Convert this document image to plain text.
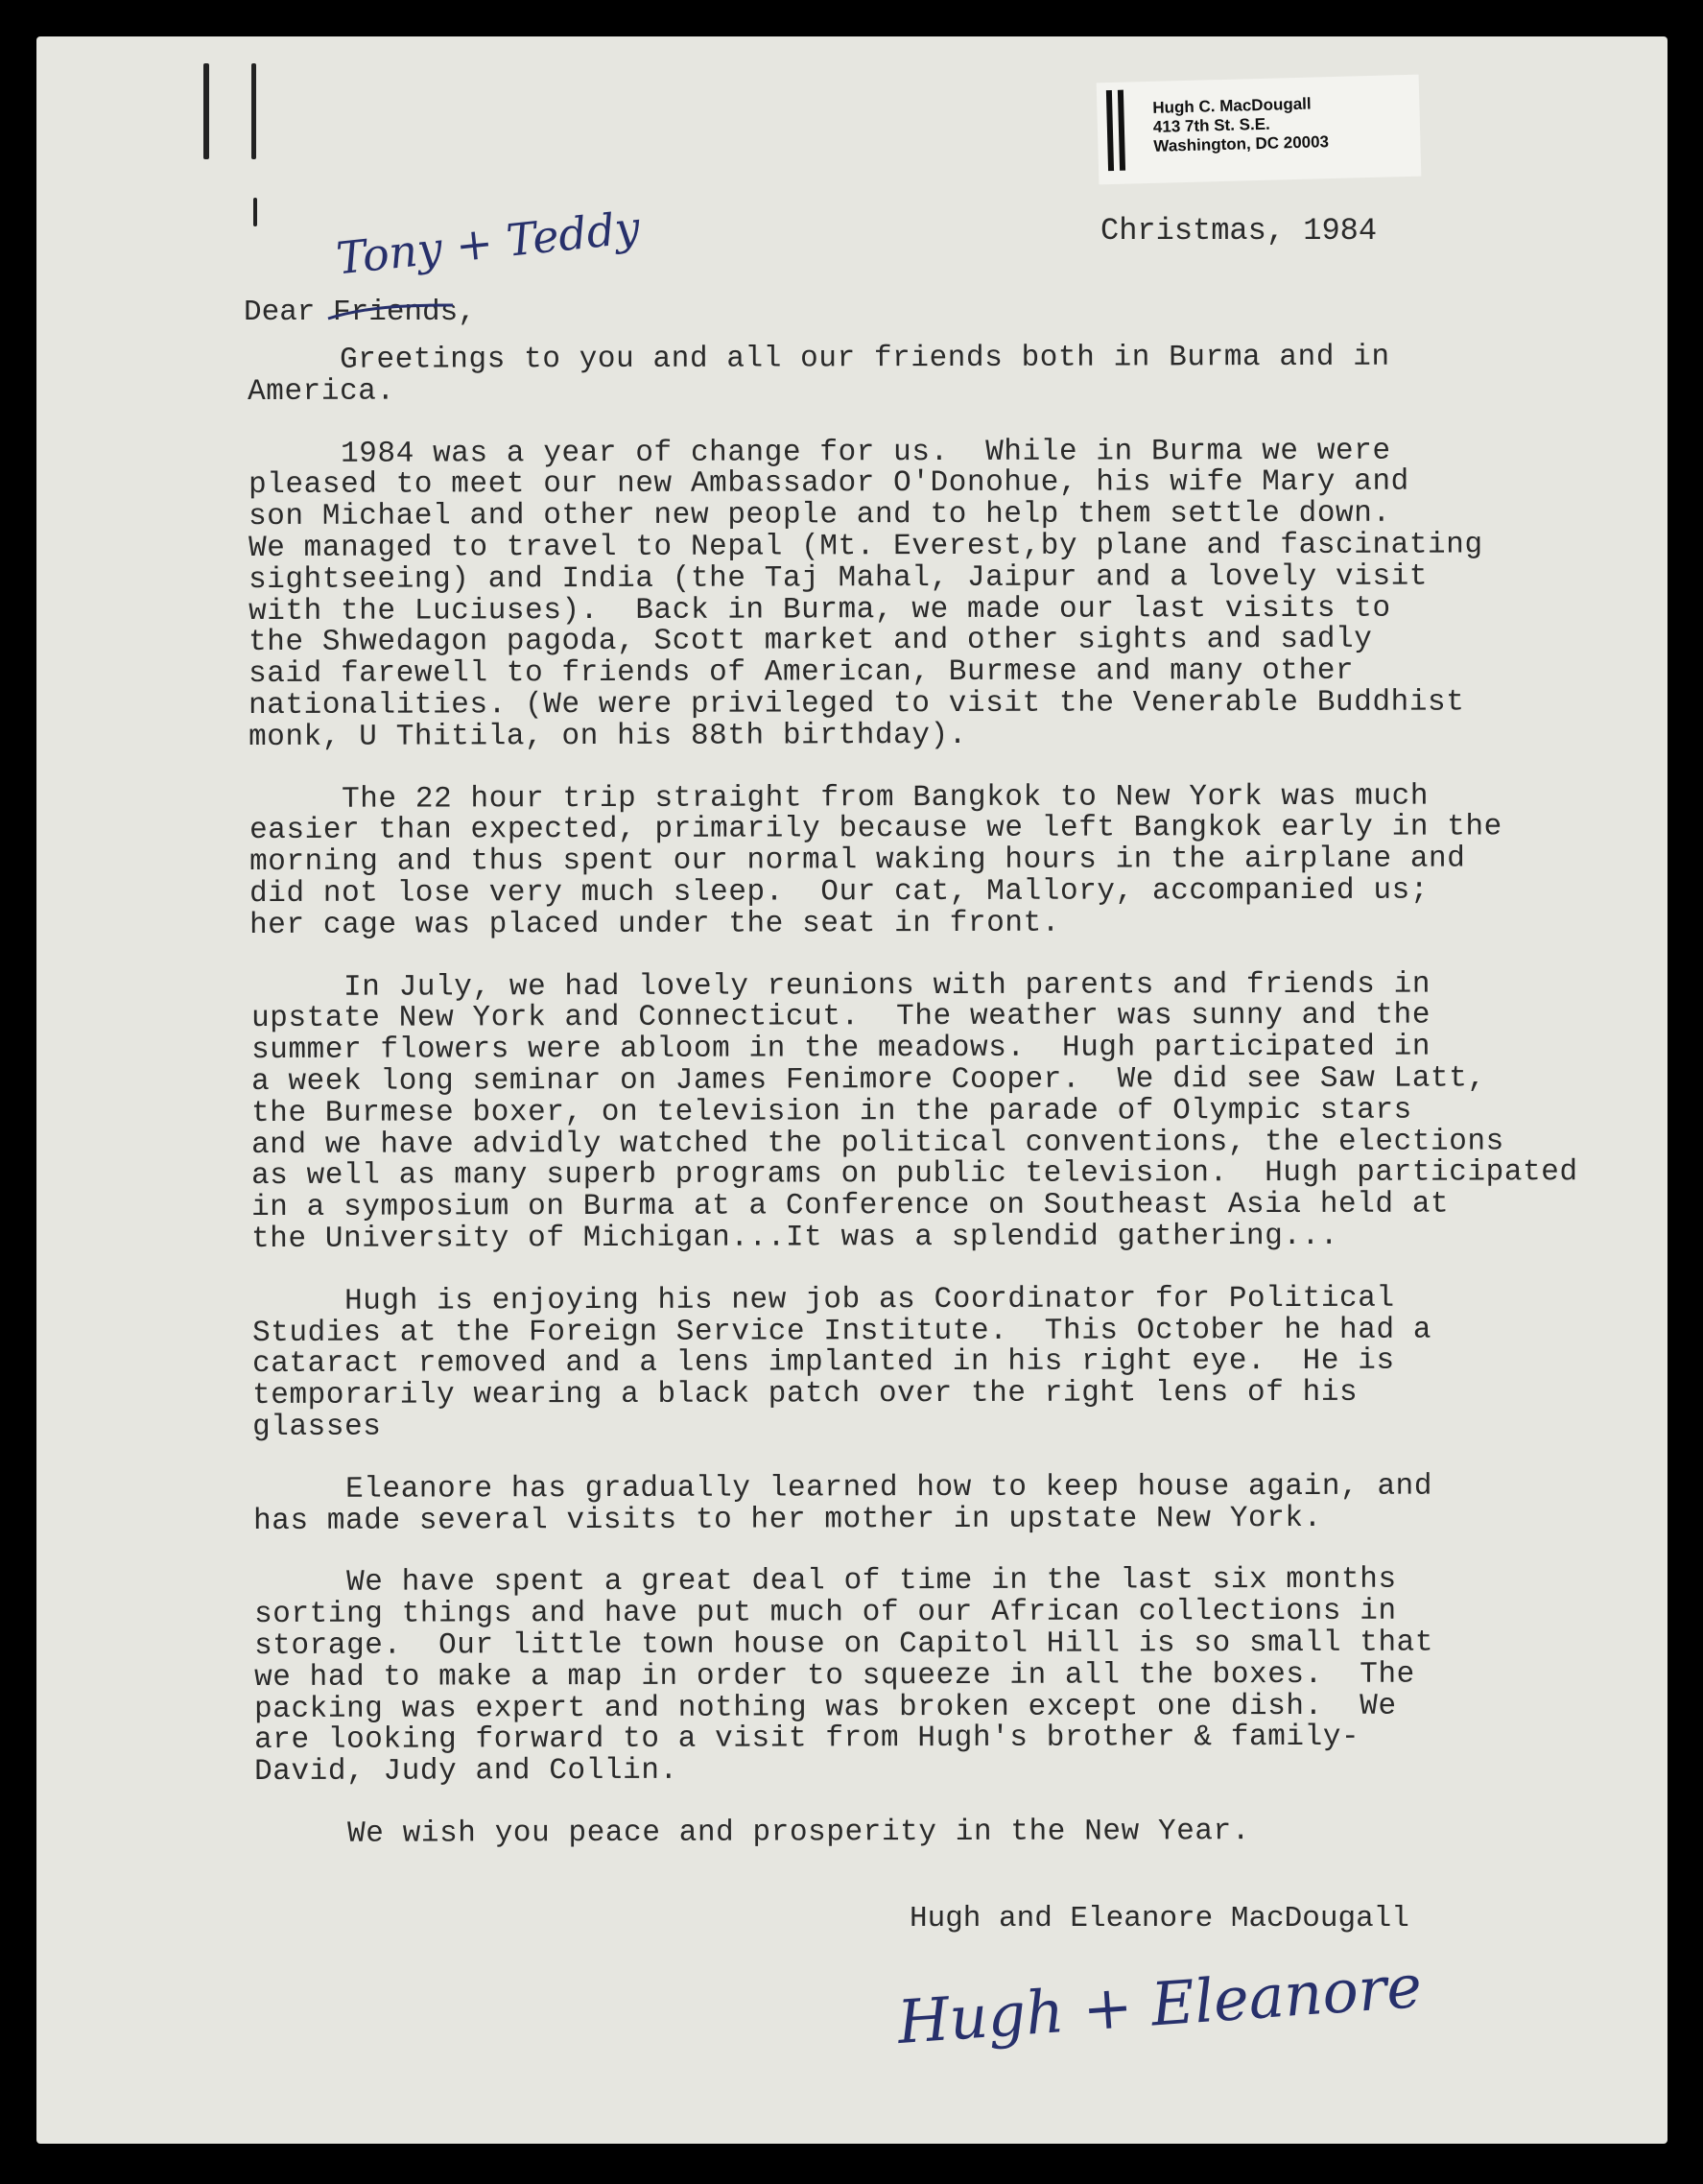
Hugh C. MacDougall
413 7th St. S.E.
Washington, DC 20003
Christmas, 1984
Dear Friends,
Tony + Teddy
Greetings to you and all our friends both in Burma and in
America.
1984 was a year of change for us.  While in Burma we were
pleased to meet our new Ambassador O'Donohue, his wife Mary and
son Michael and other new people and to help them settle down.
We managed to travel to Nepal (Mt. Everest,by plane and fascinating
sightseeing) and India (the Taj Mahal, Jaipur and a lovely visit
with the Luciuses).  Back in Burma, we made our last visits to
the Shwedagon pagoda, Scott market and other sights and sadly
said farewell to friends of American, Burmese and many other
nationalities. (We were privileged to visit the Venerable Buddhist
monk, U Thitila, on his 88th birthday).
The 22 hour trip straight from Bangkok to New York was much
easier than expected, primarily because we left Bangkok early in the
morning and thus spent our normal waking hours in the airplane and
did not lose very much sleep.  Our cat, Mallory, accompanied us;
her cage was placed under the seat in front.
In July, we had lovely reunions with parents and friends in
upstate New York and Connecticut.  The weather was sunny and the
summer flowers were abloom in the meadows.  Hugh participated in
a week long seminar on James Fenimore Cooper.  We did see Saw Latt,
the Burmese boxer, on television in the parade of Olympic stars
and we have advidly watched the political conventions, the elections
as well as many superb programs on public television.  Hugh participated
in a symposium on Burma at a Conference on Southeast Asia held at
the University of Michigan...It was a splendid gathering...
Hugh is enjoying his new job as Coordinator for Political
Studies at the Foreign Service Institute.  This October he had a
cataract removed and a lens implanted in his right eye.  He is
temporarily wearing a black patch over the right lens of his
glasses
Eleanore has gradually learned how to keep house again, and
has made several visits to her mother in upstate New York.
We have spent a great deal of time in the last six months
sorting things and have put much of our African collections in
storage.  Our little town house on Capitol Hill is so small that
we had to make a map in order to squeeze in all the boxes.  The
packing was expert and nothing was broken except one dish.  We
are looking forward to a visit from Hugh's brother & family-
David, Judy and Collin.
We wish you peace and prosperity in the New Year.
Hugh and Eleanore MacDougall
Hugh + Eleanore
